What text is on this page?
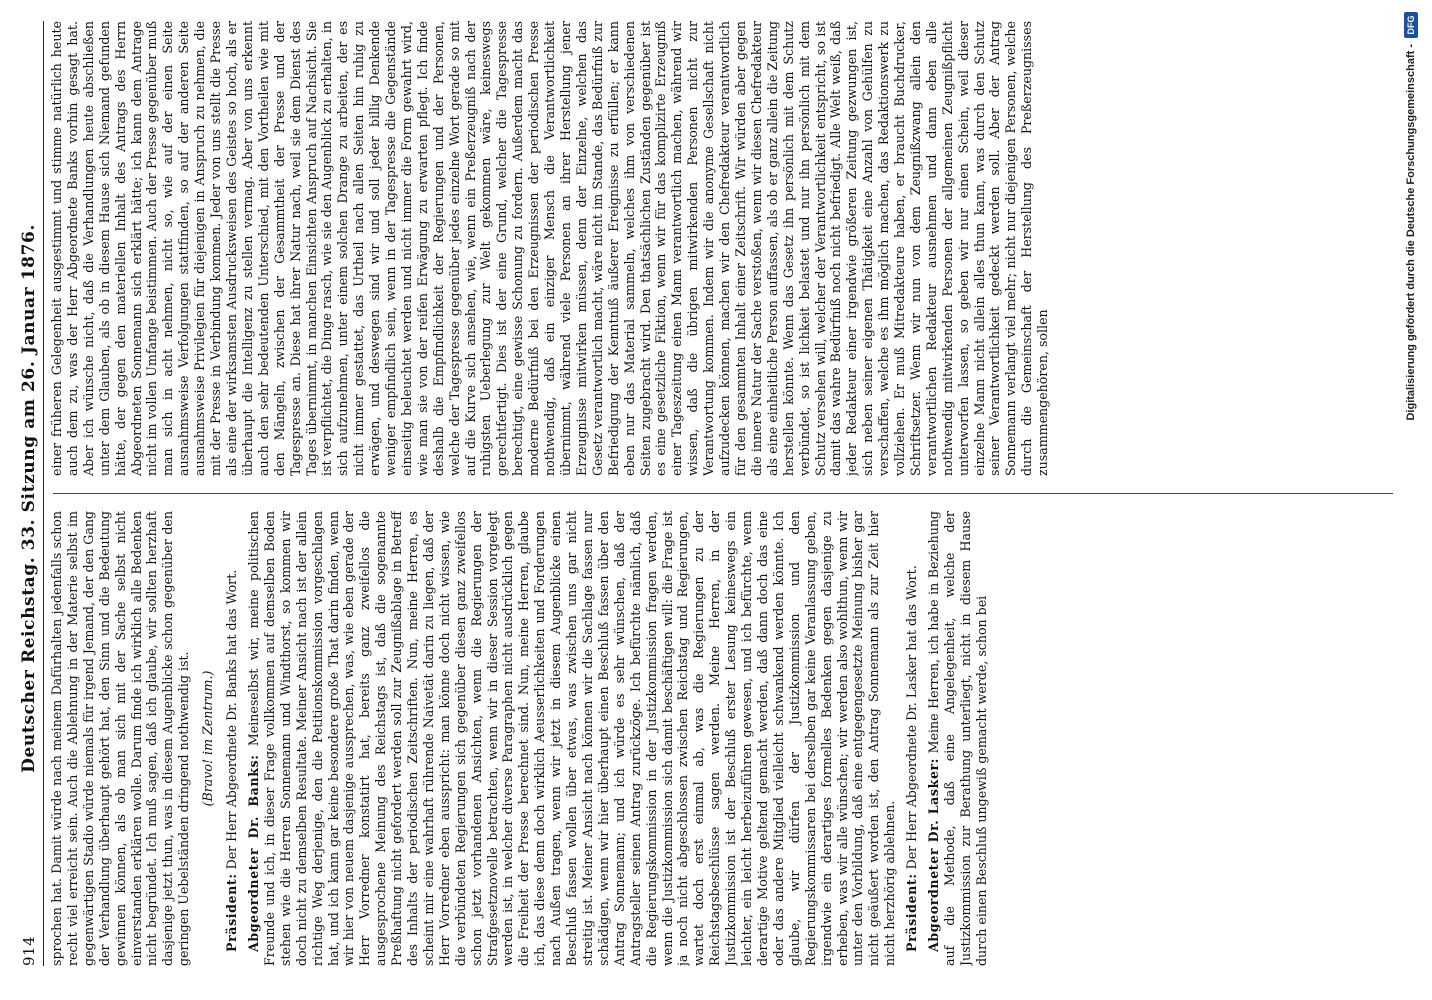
914
Deutscher Reichstag. 33. Sitzung am 26. Januar 1876. sprochen hat. Damit würde nach meinem Dafürhalten jedenfalls schon recht viel erreicht sein. Auch die Ablehnung in der Materie selbst im gegenwärtigen Stadio würde niemals für irgend Jemand, der den Gang der Verhandlung überhaupt gehört hat, den Sinn und die Bedeutung gewinnen können, als ob man sich mit der Sache selbst nicht einverstanden erklären wolle. Darum finde ich wirklich alle Bedenken nicht begründet. Ich muß sagen, daß ich glaube, wir sollten herzhaft dasjenige jetzt thun, was in diesem Augenblicke schon gegenüber den geringen Uebelständen dringend nothwendig ist. (Bravo! im Zentrum.)

Präsident: Der Herr Abgeordnete Dr. Banks hat das Wort. Abgeordneter Dr. Banks: Meineselbst wir, meine politischen Freunde und ich, in dieser Frage vollkommen auf demselben Boden stehen wie die Herren Sonnemann und Windthorst, so kommen wir doch nicht zu demselben Resultate. Meiner Ansicht nach ist der allein richtige Weg derjenige, den die Petitionskommission vorgeschlagen hat, und ich kann gar keine besondere große That darin finden, wenn wir hier von neuem dasjenige aussprechen, was, wie eben gerade der Herr Vorredner konstatirt hat, bereits ganz zweifellos die ausgesprochene Meinung des Reichstags ist, daß die sogenannte Preßhaftung nicht gefordert werden soll zur Zeugnißablage in Betreff des Inhalts der periodischen Zeitschriften. Nun, meine Herren, es scheint mir eine wahrhaft rührende Naivetät darin zu liegen, daß der Herr Vorredner eben ausspricht: man könne doch nicht wissen, wie die verbündeten Regierungen sich gegenüber diesen ganz zweifellos schon jetzt vorhandenen Ansichten, wenn die Regierungen der Strafgesetznovelle betrachten, wenn wir in dieser Session vorgelegt werden ist, in welcher diverse Paragraphen nicht ausdrücklich gegen die Freiheit der Presse berechnet sind. Nun, meine Herren, glaube ich, das diese denn doch wirklich Aeusserlichkeiten und Forderungen nach Außen tragen, wenn wir jetzt in diesem Augenblicke einen Beschluß fassen wollen über etwas, was zwischen uns gar nicht streitig ist. Meiner Ansicht nach können wir die Sachlage fassen nur schädigen, wenn wir hier überhaupt einen Beschluß fassen über den Antrag Sonnemann; und ich würde es sehr wünschen, daß der Antragsteller seinen Antrag zurückzöge. Ich befürchte nämlich, daß die Regierungskommission in der Justizkommission fragen werden, wenn die Justizkommission sich damit beschäftigen will: die Frage ist ja noch nicht abgeschlossen zwischen Reichstag und Regierungen, wartet doch erst einmal ab, was die Regierungen zu der Reichstagsbeschlüsse sagen werden. Meine Herren, in der Justizkommission ist der Beschluß erster Lesung keineswegs ein leichter, ein leicht herbeizuführen gewesen, und ich befürchte, wenn derartige Motive geltend gemacht werden, daß dann doch das eine oder das andere Mitglied vielleicht schwankend werden könnte. Ich glaube, wir dürfen der Justizkommission und den Regierungskommissaren bei derselben gar keine Veranlassung geben, irgendwie ein derartiges formelles Bedenken gegen dasjenige zu erheben, was wir alle wünschen; wir werden also wohlthun, wenn wir unter den Vorbildung, daß eine entgegengesetzte Meinung bisher gar nicht geäußert worden ist, den Antrag Sonnemann als zur Zeit hier nicht herzhörig ablehnen. Präsident: Der Herr Abgeordnete Dr. Lasker hat das Wort. Abgeordneter Dr. Lasker: Meine Herren, ich habe in Beziehung auf die Methode, daß eine Angelegenheit, welche der Justizkommission zur Berathung unterliegt, nicht in diesem Hause durch einen Beschluß ungewiß gemacht werde, schon bei

einer früheren Gelegenheit ausgestimmt und stimme natürlich heute auch dem zu, was der Herr Abgeordnete Banks vorhin gesagt hat. Aber ich wünsche nicht, daß die Verhandlungen heute abschließen unter dem Glauben, als ob in diesem Hause sich Niemand gefunden hätte, der gegen den materiellen Inhalt des Antrags des Herrn Abgeordneten Sonnemann sich erklärt hätte; ich kann dem Antrage nicht im vollen Umfange beistimmen. Auch der Presse gegenüber muß man sich in acht nehmen, nicht so, wie auf der einen Seite ausnahmsweise Verfolgungen stattfinden, so auf der anderen Seite ausnahmsweise Privilegien für diejenigen in Anspruch zu nehmen, die mit der Presse in Verbindung kommen. Jeder von uns stellt die Presse als eine der wirksamsten Ausdrucksweisen des Geistes so hoch, als er überhaupt die Intelligenz zu stellen vermag. Aber von uns erkennt auch den sehr bedeutenden Unterschied, mit den Vortheilen wie mit den Mängeln, zwischen der Gesammtheit der Presse und der Tagespresse an. Diese hat ihrer Natur nach, weil sie dem Dienst des Tages übernimmt, in manchen Einsichten Anspruch auf Nachsicht. Sie ist verpflichtet, die Dinge rasch, wie sie den Augenblick zu erhalten, in sich aufzunehmen, unter einem solchen Drange zu arbeiten, der es nicht immer gestattet, das Urtheil nach allen Seiten hin ruhig zu erwägen, und deswegen sind wir und soll jeder billig Denkende weniger empfindlich sein, wenn in der Tagespresse die Gegenstände einseitig beleuchtet werden und nicht immer die Form gewahrt wird, wie man sie von der reifen Erwägung zu erwarten pflegt. Ich finde deshalb die Empfindlichkeit der Regierungen und der Personen, welche der Tagespresse gegenüber jedes einzelne Wort gerade so mit auf die Kurve sich ansehen, wie, wenn ein Preßerzeugniß nach der ruhigsten Ueberlegung zur Welt gekommen wäre, keineswegs gerechtfertigt. Dies ist der eine Grund, welcher die Tagespresse berechtigt, eine gewisse Schonung zu fordern. Außerdem macht das moderne Bedürfniß bei den Erzeugnissen der periodischen Presse nothwendig, daß ein einziger Mensch die Verantwortlichkeit übernimmt, während viele Personen an ihrer Herstellung jener Erzeugnisse mitwirken müssen, denn der Einzelne, welchen das Gesetz verantwortlich macht, wäre nicht im Stande, das Bedürfniß zur Befriedigung der Kenntniß äußerer Ereignisse zu erfüllen; er kann eben nur das Material sammeln, welches ihm von verschiedenen Seiten zugebracht wird. Den thatsächlichen Zuständen gegenüber ist es eine gesetzliche Fiktion, wenn wir für das komplizirte Erzeugniß einer Tageszeitung einen Mann verantwortlich machen, während wir wissen, daß die übrigen mitwirkenden Personen nicht zur Verantwortung kommen. Indem wir die anonyme Gesellschaft nicht aufzudecken können, machen wir den Chefredakteur verantwortlich für den gesammten Inhalt einer Zeitschrift. Wir würden aber gegen die innere Natur der Sache verstoßen, wenn wir diesen Chefredakteur als eine einheitliche Person auffassen, als ob er ganz allein die Zeitung herstellen könnte. Wenn das Gesetz ihn persönlich mit dem Schutz verbündet, so ist lichkeit belastet und nur ihn persönlich mit dem Schutz versehen will, welcher der Verantwortlichkeit entspricht, so ist damit das wahre Bedürfniß noch nicht befriedigt. Alle Welt weiß, daß jeder Redakteur einer irgendwie größeren Zeitung gezwungen ist, sich neben seiner eigenen Thätigkeit eine Anzahl von Gehülfen zu verschaffen, welche es ihm möglich machen, das Redaktionswerk zu vollziehen. Er muß Mitredakteure haben, er braucht Buchdrucker, Schriftsetzer. Wenn wir nun von dem Zeugnißzwang allein den verantwortlichen Redakteur ausnehmen und dann eben alle nothwendig mitwirkenden Personen der allgemeinen Zeugnißpflicht unterworfen lassen, so geben wir nur einen Schein, weil dieser einzelne Mann nicht allein alles thun kann, was durch den Schutz seiner Verantwortlichkeit gedeckt werden soll. Aber der Antrag Sonnemann verlangt viel mehr; nicht nur diejenigen Personen, welche durch die Gemeinschaft der Herstellung des Preßerzeugnisses zusammengehören, sollen	Digitalisierung gefördert durch die Deutsche Forschungsgemeinschaft -
DFG
